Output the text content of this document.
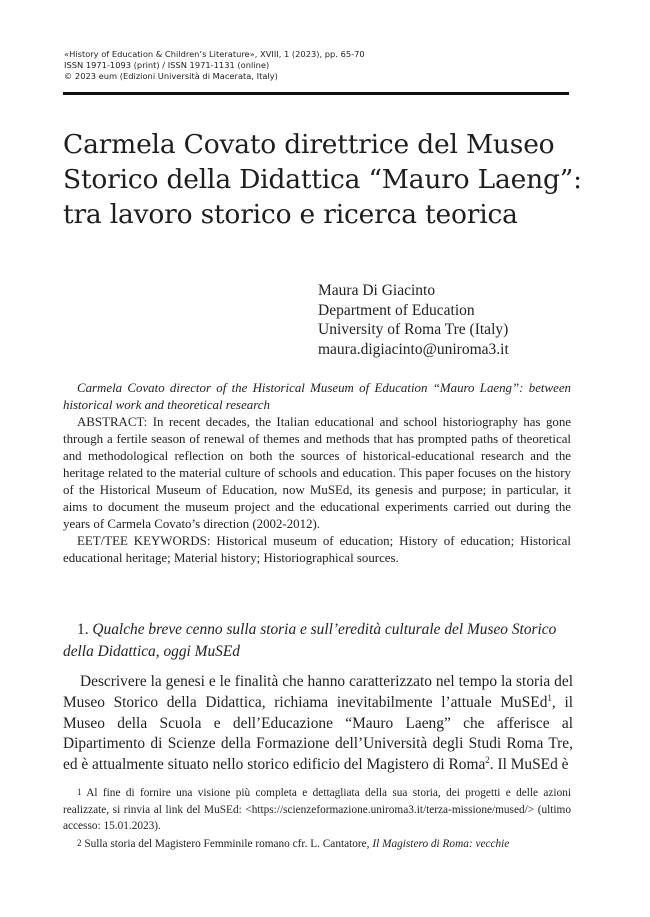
«History of Education & Children’s Literature», XVIII, 1 (2023), pp. 65-70
ISSN 1971-1093 (print) / ISSN 1971-1131 (online)
© 2023 eum (Edizioni Università di Macerata, Italy)
Carmela Covato direttrice del Museo
Storico della Didattica “Mauro Laeng”:
tra lavoro storico e ricerca teorica
Maura Di Giacinto
Department of Education
University of Roma Tre (Italy)
maura.digiacinto@uniroma3.it

Carmela Covato director of the Historical Museum of Education “Mauro Laeng”: between historical work and theoretical research

ABSTRACT: In recent decades, the Italian educational and school historiography has gone through a fertile season of renewal of themes and methods that has prompted paths of theoretical and methodological reflection on both the sources of historical-educational research and the heritage related to the material culture of schools and education. This paper focuses on the history of the Historical Museum of Education, now MuSEd, its genesis and purpose; in particular, it aims to document the museum project and the educational experiments carried out during the years of Carmela Covato’s direction (2002-2012).

EET/TEE KEYWORDS: Historical museum of education; History of education; Historical educational heritage; Material history; Historiographical sources.

1. Qualche breve cenno sulla storia e sull’eredità culturale del Museo Storico della Didattica, oggi MuSEd

Descrivere la genesi e le finalità che hanno caratterizzato nel tempo la storia del Museo Storico della Didattica, richiama inevitabilmente l’attuale MuSEd$^1$, il Museo della Scuola e dell’Educazione “Mauro Laeng” che afferisce al Dipartimento di Scienze della Formazione dell’Università degli Studi Roma Tre, ed è attualmente situato nello storico edificio del Magistero di Roma$^2$. Il MuSEd è

1 Al fine di fornire una visione più completa e dettagliata della sua storia, dei progetti e delle azioni realizzate, si rinvia al link del MuSEd: <https://scienzeformazione.uniroma3.it/terza-missione/mused/> (ultimo accesso: 15.01.2023).

2 Sulla storia del Magistero Femminile romano cfr. L. Cantatore, Il Magistero di Roma: vecchie
